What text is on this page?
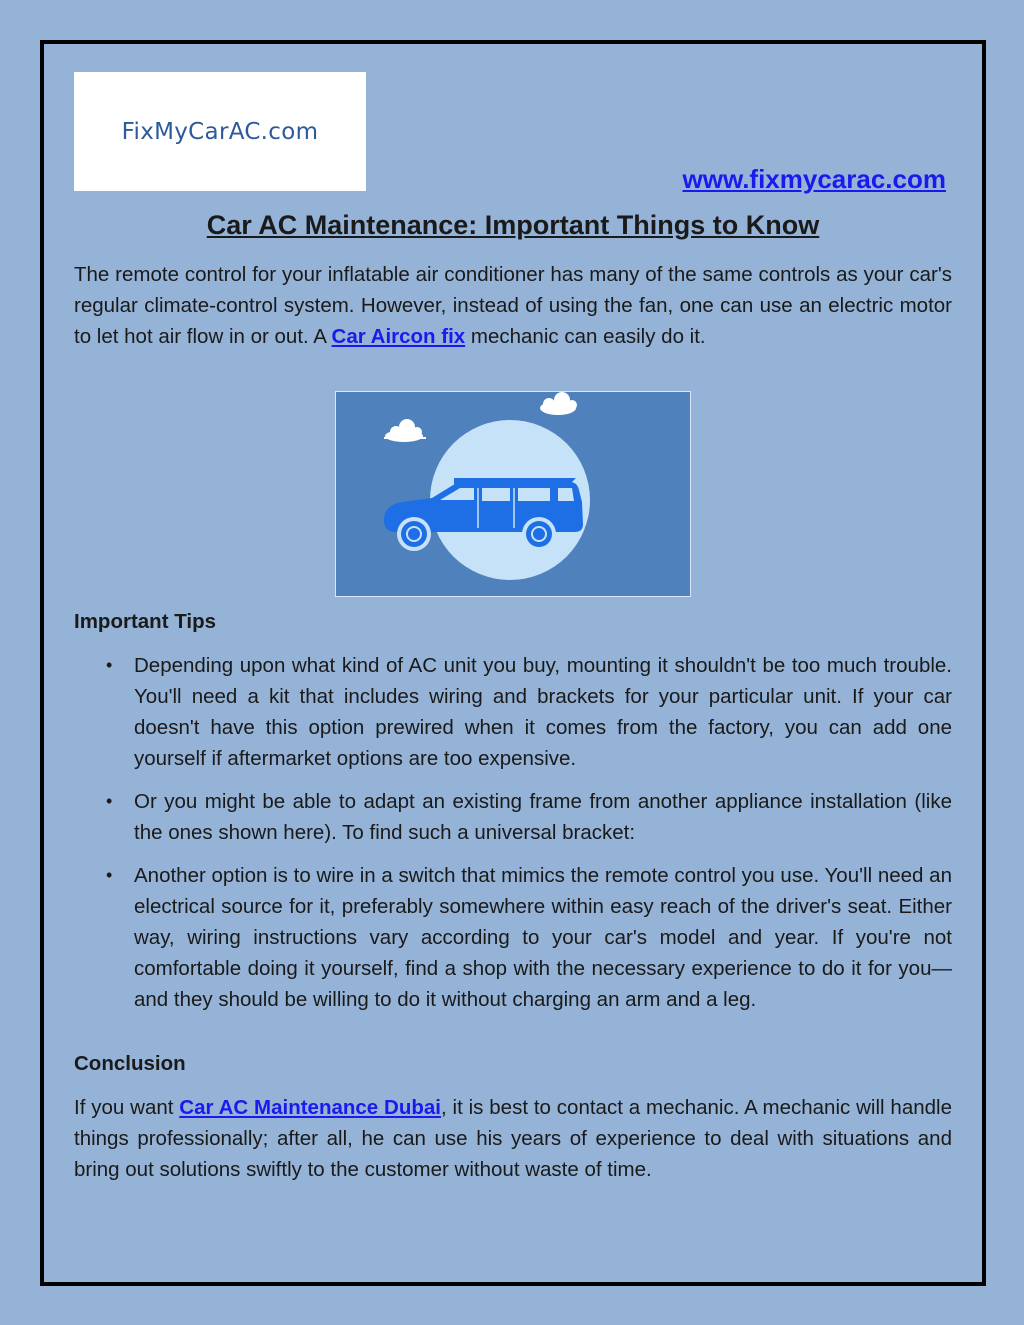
FixMyCarAC.com
www.fixmycarac.com
Car AC Maintenance: Important Things to Know

The remote control for your inflatable air conditioner has many of the same controls as your car's regular climate-control system. However, instead of using the fan, one can use an electric motor to let hot air flow in or out. A Car Aircon fix mechanic can easily do it.

Important Tips
• Depending upon what kind of AC unit you buy, mounting it shouldn't be too much trouble. You'll need a kit that includes wiring and brackets for your particular unit. If your car doesn't have this option prewired when it comes from the factory, you can add one yourself if aftermarket options are too expensive.
• Or you might be able to adapt an existing frame from another appliance installation (like the ones shown here). To find such a universal bracket:
• Another option is to wire in a switch that mimics the remote control you use. You'll need an electrical source for it, preferably somewhere within easy reach of the driver's seat. Either way, wiring instructions vary according to your car's model and year. If you're not comfortable doing it yourself, find a shop with the necessary experience to do it for you—and they should be willing to do it without charging an arm and a leg.
Conclusion

If you want Car AC Maintenance Dubai, it is best to contact a mechanic. A mechanic will handle things professionally; after all, he can use his years of experience to deal with situations and bring out solutions swiftly to the customer without waste of time.
